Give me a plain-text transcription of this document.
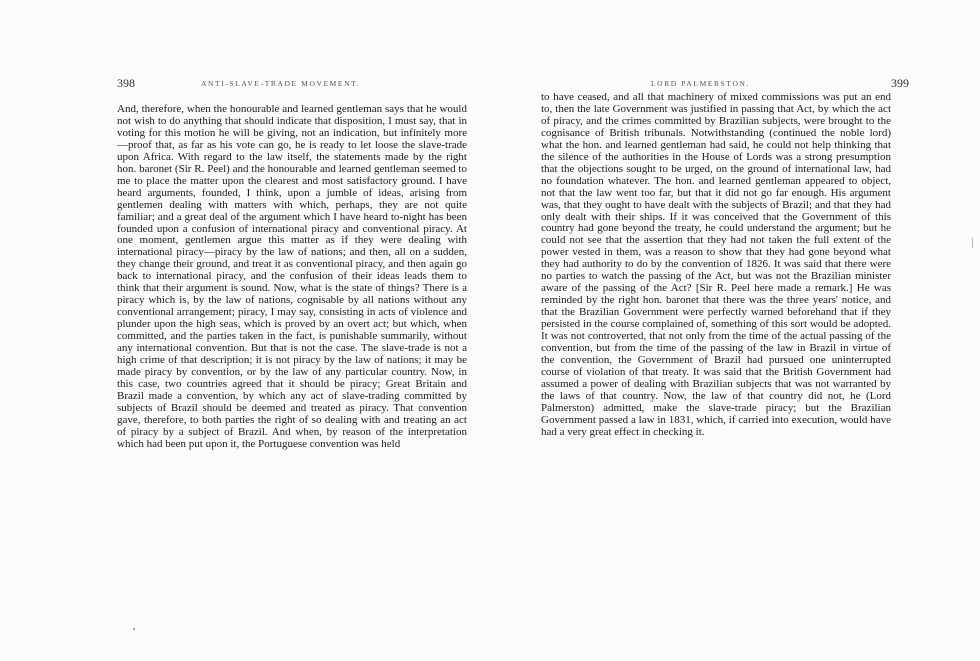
398	ANTI-SLAVE-TRADE MOVEMENT.

And, therefore, when the honourable and learned gentleman says that he would not wish to do anything that should indicate that disposition, I must say, that in voting for this motion he will be giving, not an indication, but infinitely more—proof that, as far as his vote can go, he is ready to let loose the slave-trade upon Africa. With regard to the law itself, the statements made by the right hon. baronet (Sir R. Peel) and the honourable and learned gentleman seemed to me to place the matter upon the clearest and most satisfactory ground. I have heard arguments, founded, I think, upon a jumble of ideas, arising from gentlemen dealing with matters with which, perhaps, they are not quite familiar; and a great deal of the argument which I have heard to-night has been founded upon a confusion of international piracy and conventional piracy. At one moment, gentlemen argue this matter as if they were dealing with international piracy—piracy by the law of nations; and then, all on a sudden, they change their ground, and treat it as conventional piracy, and then again go back to international piracy, and the confusion of their ideas leads them to think that their argument is sound. Now, what is the state of things? There is a piracy which is, by the law of nations, cognisable by all nations without any conventional arrangement; piracy, I may say, consisting in acts of violence and plunder upon the high seas, which is proved by an overt act; but which, when committed, and the parties taken in the fact, is punishable summarily, without any international convention. But that is not the case. The slave-trade is not a high crime of that description; it is not piracy by the law of nations; it may be made piracy by convention, or by the law of any particular country. Now, in this case, two countries agreed that it should be piracy; Great Britain and Brazil made a convention, by which any act of slave-trading committed by subjects of Brazil should be deemed and treated as piracy. That convention gave, therefore, to both parties the right of so dealing with and treating an act of piracy by a subject of Brazil. And when, by reason of the interpretation which had been put upon it, the Portuguese convention was held

LORD PALMERSTON.	399

to have ceased, and all that machinery of mixed commissions was put an end to, then the late Government was justified in passing that Act, by which the act of piracy, and the crimes committed by Brazilian subjects, were brought to the cognisance of British tribunals. Notwithstanding (continued the noble lord) what the hon. and learned gentleman had said, he could not help thinking that the silence of the authorities in the House of Lords was a strong presumption that the objections sought to be urged, on the ground of international law, had no foundation whatever. The hon. and learned gentleman appeared to object, not that the law went too far, but that it did not go far enough. His argument was, that they ought to have dealt with the subjects of Brazil; and that they had only dealt with their ships. If it was conceived that the Government of this country had gone beyond the treaty, he could understand the argument; but he could not see that the assertion that they had not taken the full extent of the power vested in them, was a reason to show that they had gone beyond what they had authority to do by the convention of 1826. It was said that there were no parties to watch the passing of the Act, but was not the Brazilian minister aware of the passing of the Act? [Sir R. Peel here made a remark.] He was reminded by the right hon. baronet that there was the three years' notice, and that the Brazilian Government were perfectly warned beforehand that if they persisted in the course complained of, something of this sort would be adopted. It was not controverted, that not only from the time of the actual passing of the convention, but from the time of the passing of the law in Brazil in virtue of the convention, the Government of Brazil had pursued one uninterrupted course of violation of that treaty. It was said that the British Government had assumed a power of dealing with Brazilian subjects that was not warranted by the laws of that country. Now, the law of that country did not, he (Lord Palmerston) admitted, make the slave-trade piracy; but the Brazilian Government passed a law in 1831, which, if carried into execution, would have had a very great effect in checking it.
